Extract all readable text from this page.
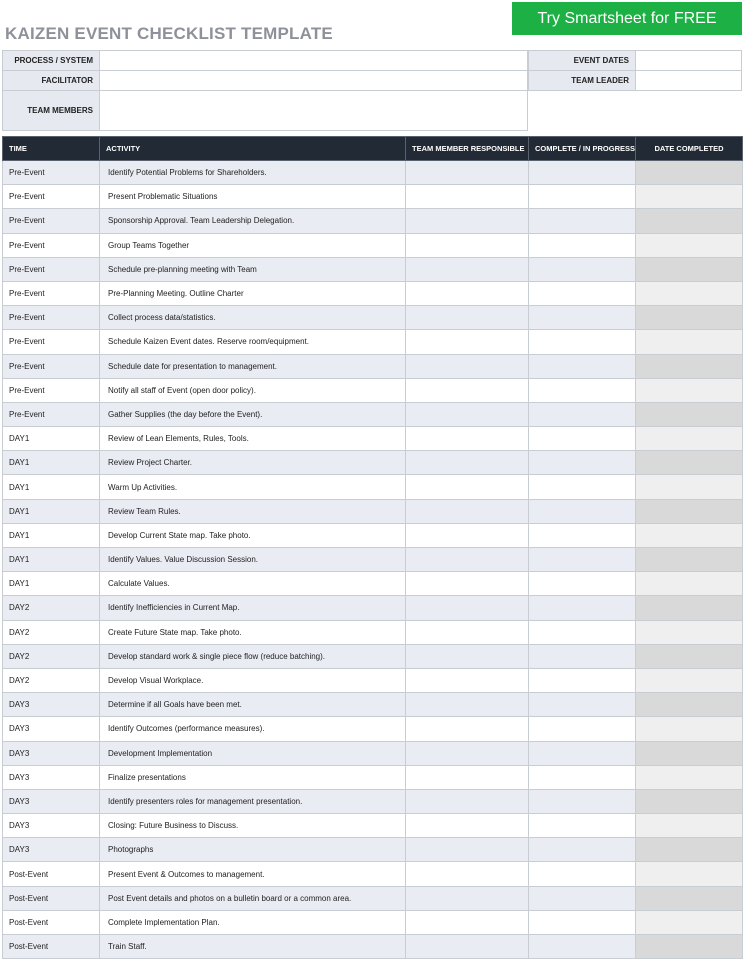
KAIZEN EVENT CHECKLIST TEMPLATE
Try Smartsheet for FREE
PROCESS / SYSTEM
FACILITATOR
TEAM MEMBERS
EVENT DATES
TEAM LEADER
TIME	ACTIVITY	TEAM MEMBER RESPONSIBLE	COMPLETE / IN PROGRESS	DATE COMPLETED
Pre-Event	Identify Potential Problems for Shareholders.			
Pre-Event	Present Problematic Situations			
Pre-Event	Sponsorship Approval. Team Leadership Delegation.			
Pre-Event	Group Teams Together			
Pre-Event	Schedule pre-planning meeting with Team			
Pre-Event	Pre-Planning Meeting. Outline Charter			
Pre-Event	Collect process data/statistics.			
Pre-Event	Schedule Kaizen Event dates. Reserve room/equipment.			
Pre-Event	Schedule date for presentation to management.			
Pre-Event	Notify all staff of Event (open door policy).			
Pre-Event	Gather Supplies (the day before the Event).			
DAY1	Review of Lean Elements, Rules, Tools.			
DAY1	Review Project Charter.			
DAY1	Warm Up Activities.			
DAY1	Review Team Rules.			
DAY1	Develop Current State map. Take photo.			
DAY1	Identify Values. Value Discussion Session.			
DAY1	Calculate Values.			
DAY2	Identify Inefficiencies in Current Map.			
DAY2	Create Future State map. Take photo.			
DAY2	Develop standard work & single piece flow (reduce batching).			
DAY2	Develop Visual Workplace.			
DAY3	Determine if all Goals have been met.			
DAY3	Identify Outcomes (performance measures).			
DAY3	Development Implementation			
DAY3	Finalize presentations			
DAY3	Identify presenters roles for management presentation.			
DAY3	Closing: Future Business to Discuss.			
DAY3	Photographs			
Post-Event	Present Event & Outcomes to management.			
Post-Event	Post Event details and photos on a bulletin board or a common area.			
Post-Event	Complete Implementation Plan.			
Post-Event	Train Staff.			
